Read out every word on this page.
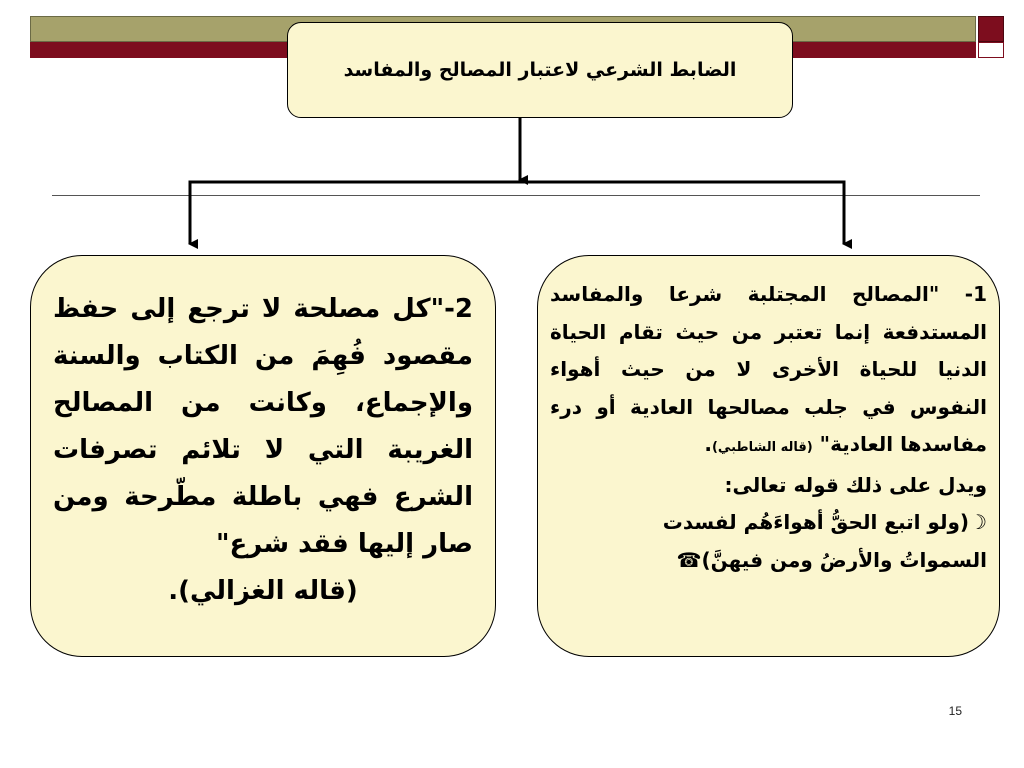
الضابط الشرعي لاعتبار المصالح والمفاسد

2-"كل مصلحة لا ترجع إلى حفظ مقصود فُهِمَ من الكتاب والسنة والإجماع، وكانت من المصالح الغريبة التي لا تلائم تصرفات الشرع فهي باطلة مطّرحة ومن صار إليها فقد شرع"

(قاله الغزالي).

1- "المصالح المجتلبة شرعا والمفاسد المستدفعة إنما تعتبر من حيث تقام الحياة الدنيا للحياة الأخرى لا من حيث أهواء النفوس في جلب مصالحها العادية أو درء مفاسدها العادية" (قاله الشاطبي).

ويدل على ذلك قوله تعالى:

☽(ولو اتبع الحقُّ أهواءَهُم لفسدت

السمواتُ والأرضُ ومن فيهنَّ)☎

15
